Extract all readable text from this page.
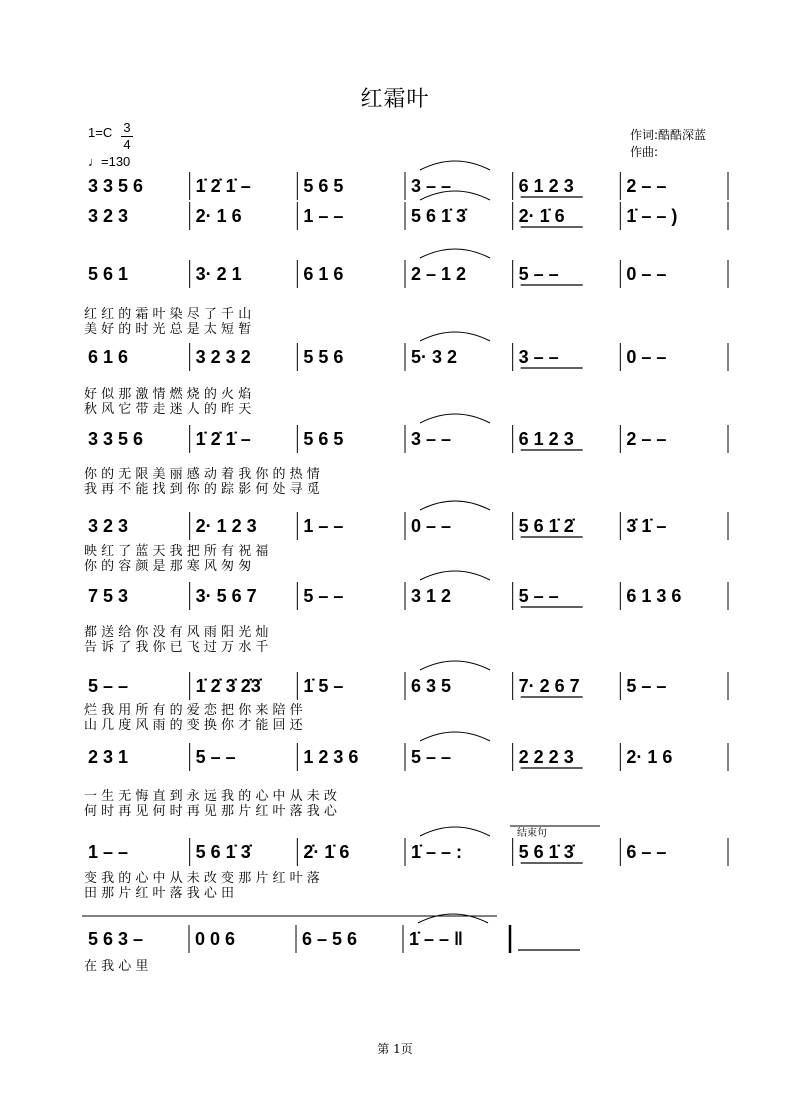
红霜叶
1=C 3
4
♩=130
作词:酷酷深蓝
作曲:
3 3 5 6	1̇ 2̇ 1̇ –	5 6 5	3 – –	6 1 2 3	2 – –
3 2 3	2· 1 6	1 – –	5 6 1̇ 3̇	2· 1̇ 6	1̇ – – )
5 6 1	3· 2 1	6 1 6	2 – 1 2	5 – –	0 – –
6 1 6	3 2 3 2	5 5 6	5· 3 2	3 – –	0 – –
3 3 5 6	1̇ 2̇ 1̇ –	5 6 5	3 – –	6 1 2 3	2 – –
3 2 3	2· 1 2 3	1 – –	0 – –	5 6 1̇ 2̇	3̇ 1̇ –
7 5 3	3· 5 6 7	5 – –	3 1 2	5 – –	6 1 3 6
5 – –	1̇ 2̇ 3̇ 2̇3̇ 1̇ 5 –	6 3 5	7· 2 6 7	5 – –
2 3 1	5 – –	1 2 3 6	5 – –	2 2 2 3	2· 1 6
1 – –	5 6 1̇ 3̇	2̇· 1̇ 6	1̇ – – :	5 6 1̇ 3̇	6 – –
5 6 3 –	0 0 6	6 – 5 6	1̇ – – ‖
结束句
红 红 的 霜 叶 染 尽 了 千 山
美 好 的 时 光 总 是 太 短 暂
好 似 那 激 情 燃 烧 的 火 焰
秋 风 它 带 走 迷 人 的 昨 天
你 的 无 限 美 丽 感 动 着 我 你 的 热 情
我 再 不 能 找 到 你 的 踪 影 何 处 寻 觅
映 红 了 蓝 天 我 把 所 有 祝 福
你 的 容 颜 是 那 寒 风 匆 匆
都 送 给 你 没 有 风 雨 阳 光 灿
告 诉 了 我 你 已 飞 过 万 水 千
烂 我 用 所 有 的 爱 恋 把 你 来 陪 伴
山 几 度 风 雨 的 变 换 你 才 能 回 还
一 生 无 悔 直 到 永 远 我 的 心 中 从 未 改
何 时 再 见 何 时 再 见 那 片 红 叶 落 我 心
变 我 的 心 中 从 未 改 变 那 片 红 叶 落
田 那 片 红 叶 落 我 心 田
在 我 心 里
第 1页
